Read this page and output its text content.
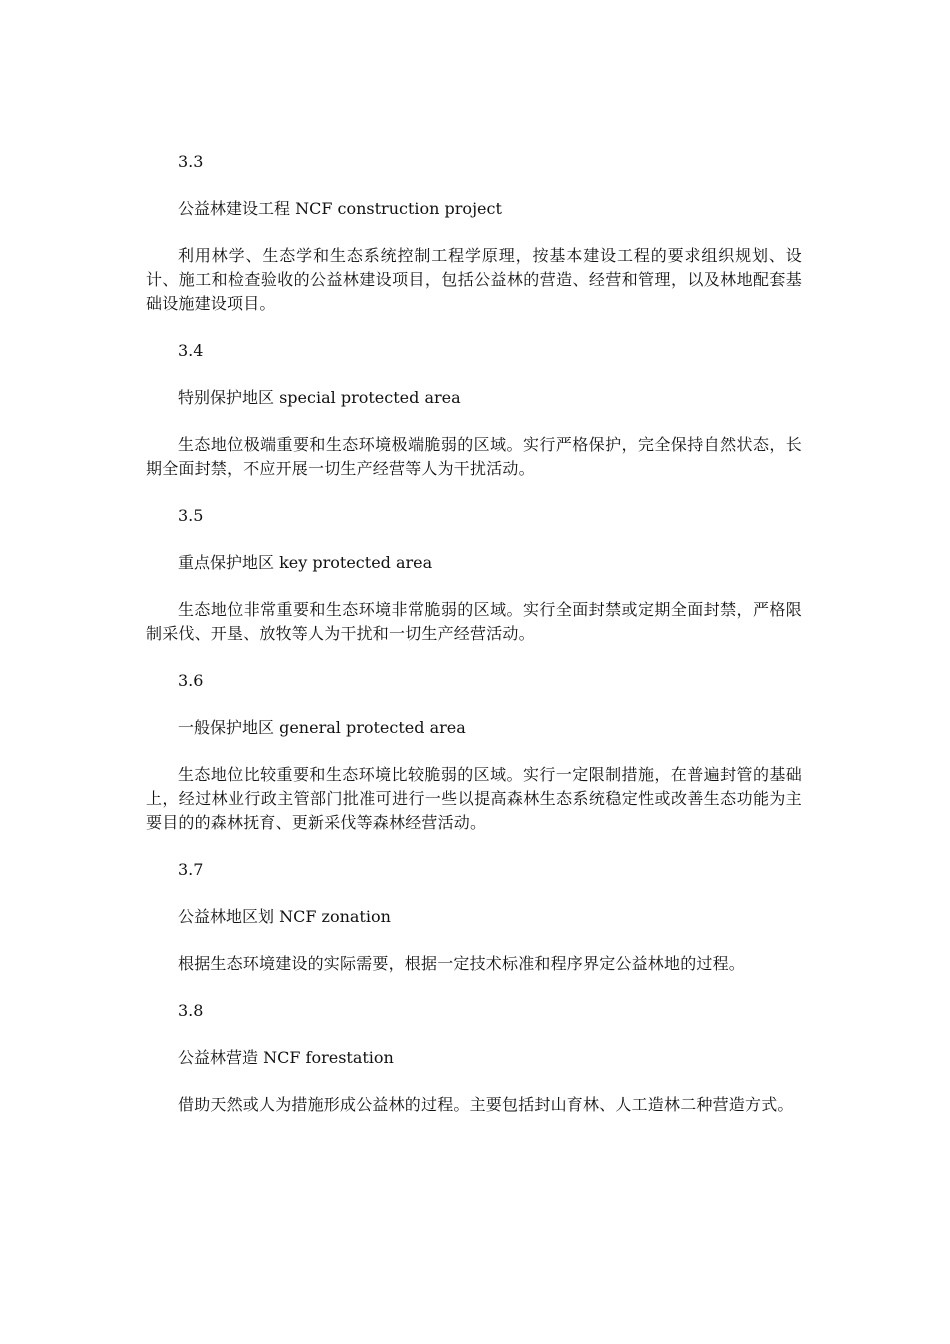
3.3

公益林建设工程 NCF construction project

利用林学、生态学和生态系统控制工程学原理，按基本建设工程的要求组织规划、设计、施工和检查验收的公益林建设项目，包括公益林的营造、经营和管理，以及林地配套基础设施建设项目。

3.4

特别保护地区 special protected area

生态地位极端重要和生态环境极端脆弱的区域。实行严格保护，完全保持自然状态，长期全面封禁，不应开展一切生产经营等人为干扰活动。

3.5

重点保护地区 key protected area

生态地位非常重要和生态环境非常脆弱的区域。实行全面封禁或定期全面封禁，严格限制采伐、开垦、放牧等人为干扰和一切生产经营活动。

3.6

一般保护地区 general protected area

生态地位比较重要和生态环境比较脆弱的区域。实行一定限制措施，在普遍封管的基础上，经过林业行政主管部门批准可进行一些以提高森林生态系统稳定性或改善生态功能为主要目的的森林抚育、更新采伐等森林经营活动。

3.7

公益林地区划 NCF zonation

根据生态环境建设的实际需要，根据一定技术标准和程序界定公益林地的过程。

3.8

公益林营造 NCF forestation

借助天然或人为措施形成公益林的过程。主要包括封山育林、人工造林二种营造方式。
